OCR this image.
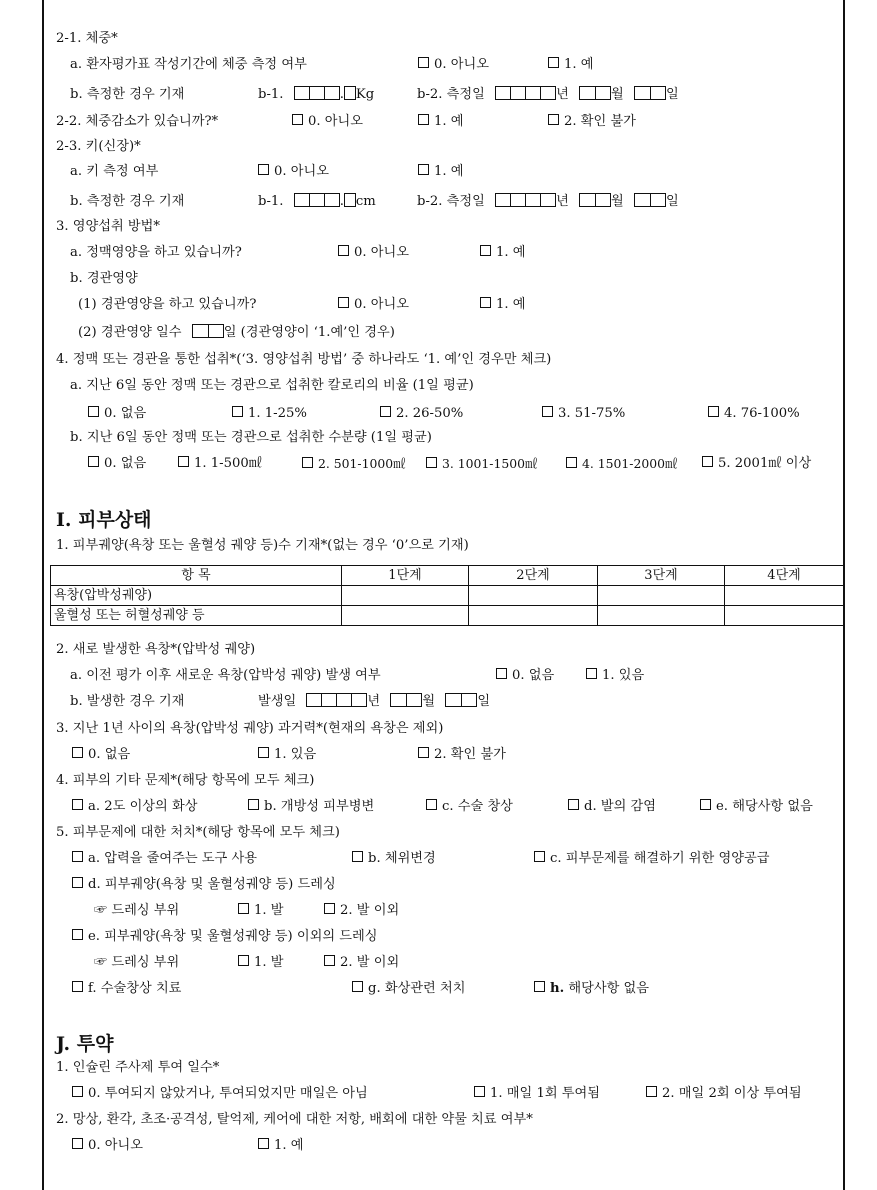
2-1. 체중*
a. 환자평가표 작성기간에 체중 측정 여부	0. 아니오	1. 예
b. 측정한 경우 기재	b-1.	. Kg	b-2. 측정일	년	월	일
2-2. 체중감소가 있습니까?*	0. 아니오	1. 예	2. 확인 불가
2-3. 키(신장)*
a. 키 측정 여부	0. 아니오	1. 예
b. 측정한 경우 기재	b-1.	. cm	b-2. 측정일	년	월	일
3. 영양섭취 방법*
a. 정맥영양을 하고 있습니까?	0. 아니오	1. 예
b. 경관영양
(1) 경관영양을 하고 있습니까?	0. 아니오	1. 예
(2) 경관영양 일수	일 (경관영양이 ‘1.예’인 경우)
4. 정맥 또는 경관을 통한 섭취*(‘3. 영양섭취 방법’ 중 하나라도 ‘1. 예’인 경우만 체크)
a. 지난 6일 동안 정맥 또는 경관으로 섭취한 칼로리의 비율 (1일 평균)
0. 없음	1. 1-25%	2. 26-50%	3. 51-75%	4. 76-100%
b. 지난 6일 동안 정맥 또는 경관으로 섭취한 수분량 (1일 평균)
0. 없음	1. 1-500㎖	2. 501-1000㎖	3. 1001-1500㎖	4. 1501-2000㎖	5. 2001㎖ 이상
I. 피부상태
1. 피부궤양(욕창 또는 울혈성 궤양 등)수 기재*(없는 경우 ‘0’으로 기재)
항 목	1단계	2단계	3단계	4단계
욕창(압박성궤양)				
울혈성 또는 허혈성궤양 등				
2. 새로 발생한 욕창*(압박성 궤양)
a. 이전 평가 이후 새로운 욕창(압박성 궤양) 발생 여부	0. 없음	1. 있음
b. 발생한 경우 기재	발생일	년	월	일
3. 지난 1년 사이의 욕창(압박성 궤양) 과거력*(현재의 욕창은 제외)
0. 없음	1. 있음	2. 확인 불가
4. 피부의 기타 문제*(해당 항목에 모두 체크)
a. 2도 이상의 화상	b. 개방성 피부병변	c. 수술 창상	d. 발의 감염	e. 해당사항 없음
5. 피부문제에 대한 처치*(해당 항목에 모두 체크)
a. 압력을 줄여주는 도구 사용	b. 체위변경	c. 피부문제를 해결하기 위한 영양공급
d. 피부궤양(욕창 및 울혈성궤양 등) 드레싱
☞ 드레싱 부위	1. 발	2. 발 이외
e. 피부궤양(욕창 및 울혈성궤양 등) 이외의 드레싱
☞ 드레싱 부위	1. 발	2. 발 이외
f. 수술창상 치료	g. 화상관련 처치	h. 해당사항 없음
J. 투약
1. 인슐린 주사제 투여 일수*
0. 투여되지 않았거나, 투여되었지만 매일은 아님	1. 매일 1회 투여됨	2. 매일 2회 이상 투여됨
2. 망상, 환각, 초조·공격성, 탈억제, 케어에 대한 저항, 배회에 대한 약물 치료 여부*
0. 아니오	1. 예
